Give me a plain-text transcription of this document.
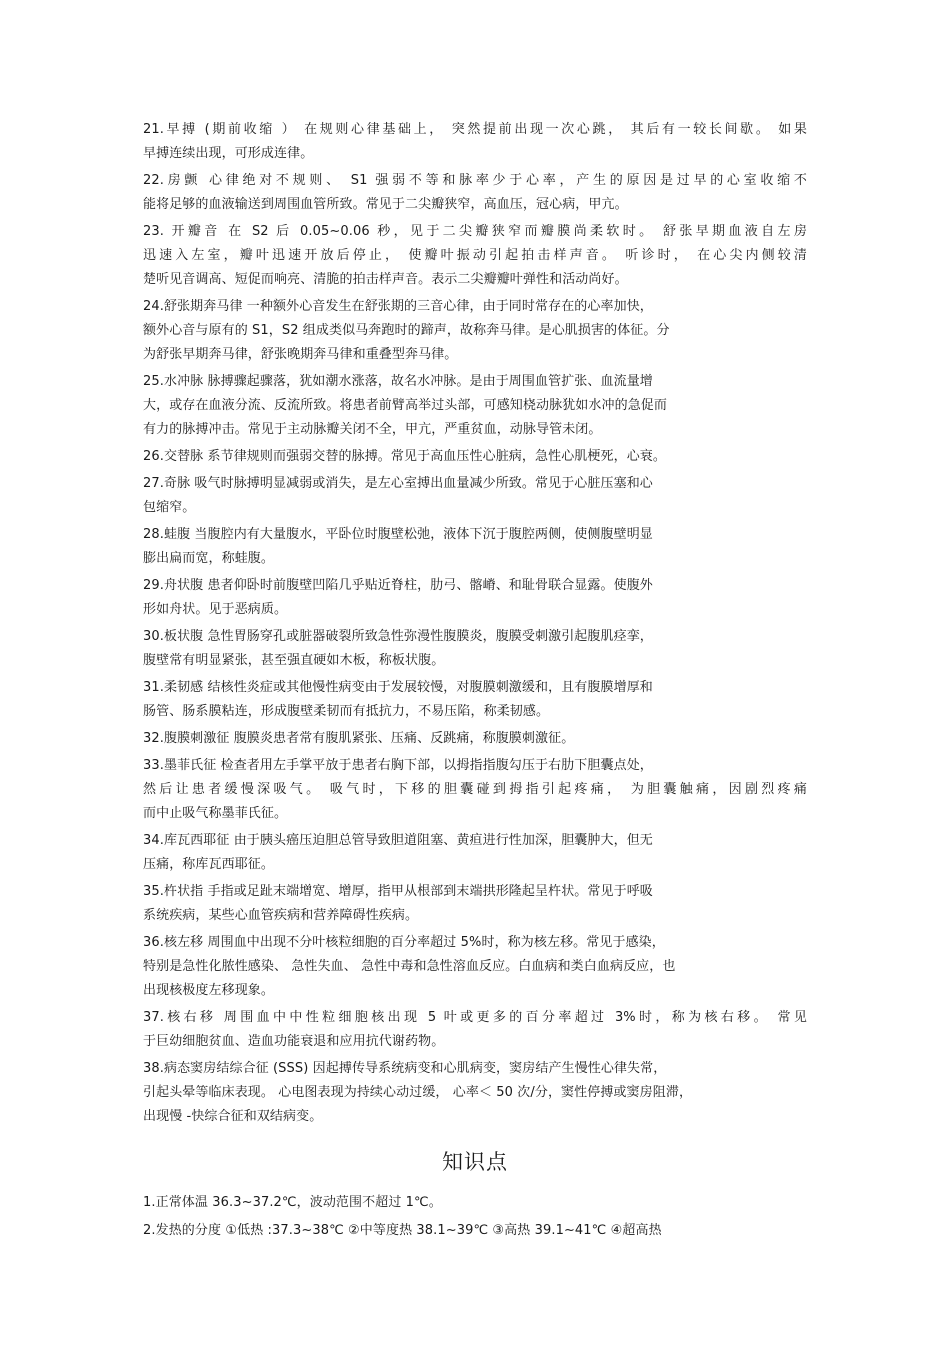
21.早搏 (期前收缩 ） 在规则心律基础上， 突然提前出现一次心跳， 其后有一较长间歇。 如果
早搏连续出现，可形成连律。
22.房颤 心律绝对不规则、 S1 强弱不等和脉率少于心率，产生的原因是过早的心室收缩不
能将足够的血液输送到周围血管所致。常见于二尖瓣狭窄，高血压，冠心病，甲亢。
23. 开瓣音 在 S2 后 0.05~0.06 秒，见于二尖瓣狭窄而瓣膜尚柔软时。 舒张早期血液自左房
迅速入左室，瓣叶迅速开放后停止， 使瓣叶振动引起拍击样声音。 听诊时， 在心尖内侧较清
楚听见音调高、短促而响亮、清脆的拍击样声音。表示二尖瓣瓣叶弹性和活动尚好。
24.舒张期奔马律 一种额外心音发生在舒张期的三音心律，由于同时常存在的心率加快，
额外心音与原有的 S1，S2 组成类似马奔跑时的蹄声，故称奔马律。是心肌损害的体征。分
为舒张早期奔马律，舒张晚期奔马律和重叠型奔马律。
25.水冲脉 脉搏骤起骤落，犹如潮水涨落，故名水冲脉。是由于周围血管扩张、血流量增
大，或存在血液分流、反流所致。将患者前臂高举过头部，可感知桡动脉犹如水冲的急促而
有力的脉搏冲击。常见于主动脉瓣关闭不全，甲亢，严重贫血，动脉导管未闭。
26.交替脉 系节律规则而强弱交替的脉搏。常见于高血压性心脏病，急性心肌梗死，心衰。
27.奇脉 吸气时脉搏明显减弱或消失，是左心室搏出血量减少所致。常见于心脏压塞和心
包缩窄。
28.蛙腹 当腹腔内有大量腹水，平卧位时腹壁松弛，液体下沉于腹腔两侧，使侧腹壁明显
膨出扁而宽，称蛙腹。
29.舟状腹 患者仰卧时前腹壁凹陷几乎贴近脊柱，肋弓、髂嵴、和耻骨联合显露。使腹外
形如舟状。见于恶病质。
30.板状腹 急性胃肠穿孔或脏器破裂所致急性弥漫性腹膜炎，腹膜受刺激引起腹肌痉挛，
腹壁常有明显紧张，甚至强直硬如木板，称板状腹。
31.柔韧感 结核性炎症或其他慢性病变由于发展较慢，对腹膜刺激缓和，且有腹膜增厚和
肠管、肠系膜粘连，形成腹壁柔韧而有抵抗力，不易压陷，称柔韧感。
32.腹膜刺激征 腹膜炎患者常有腹肌紧张、压痛、反跳痛，称腹膜刺激征。
33.墨菲氏征 检查者用左手掌平放于患者右胸下部，以拇指指腹勾压于右肋下胆囊点处，
然后让患者缓慢深吸气。 吸气时，下移的胆囊碰到拇指引起疼痛， 为胆囊触痛，因剧烈疼痛
而中止吸气称墨菲氏征。
34.库瓦西耶征 由于胰头癌压迫胆总管导致胆道阻塞、黄疸进行性加深，胆囊肿大，但无
压痛，称库瓦西耶征。
35.杵状指 手指或足趾末端增宽、增厚，指甲从根部到末端拱形隆起呈杵状。常见于呼吸
系统疾病，某些心血管疾病和营养障碍性疾病。
36.核左移 周围血中出现不分叶核粒细胞的百分率超过 5%时，称为核左移。常见于感染，
特别是急性化脓性感染、 急性失血、 急性中毒和急性溶血反应。白血病和类白血病反应，也
出现核极度左移现象。
37.核右移 周围血中中性粒细胞核出现 5 叶或更多的百分率超过 3%时，称为核右移。 常见
于巨幼细胞贫血、造血功能衰退和应用抗代谢药物。
38.病态窦房结综合征 (SSS) 因起搏传导系统病变和心肌病变，窦房结产生慢性心律失常，
引起头晕等临床表现。 心电图表现为持续心动过缓， 心率＜ 50 次/分，窦性停搏或窦房阻滞，
出现慢 -快综合征和双结病变。
知识点
1.正常体温 36.3~37.2℃，波动范围不超过 1℃。
2.发热的分度 ①低热 :37.3~38℃ ②中等度热 38.1~39℃ ③高热 39.1~41℃ ④超高热
